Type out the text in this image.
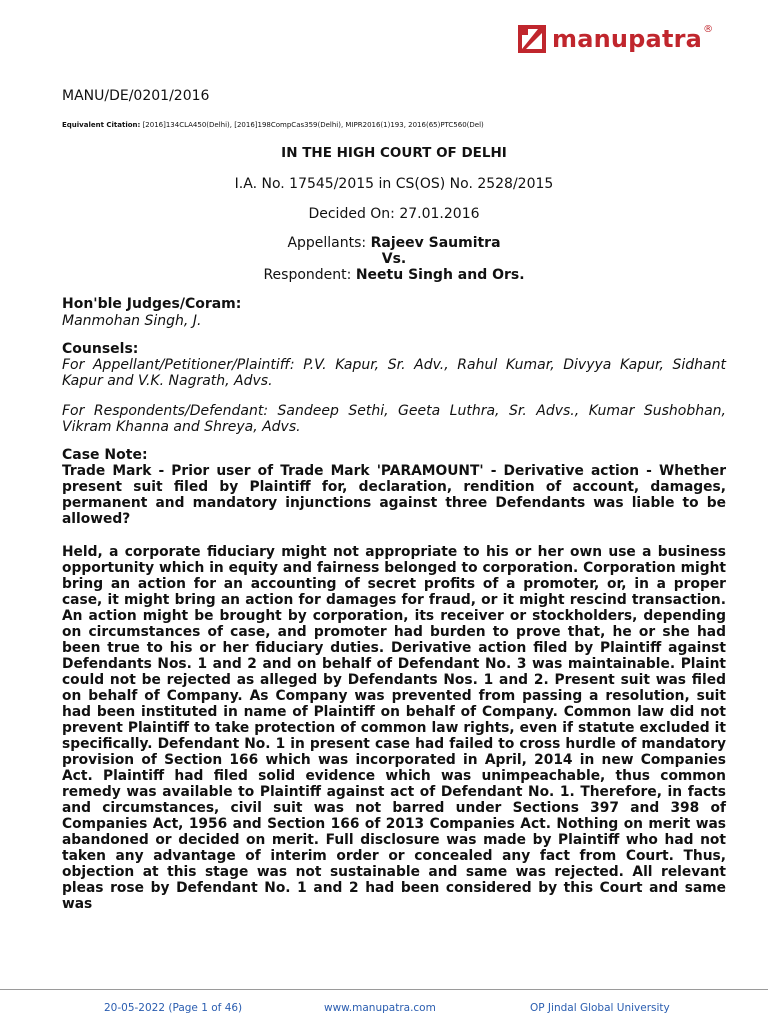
manupatra ®
MANU/DE/0201/2016
Equivalent Citation: [2016]134CLA450(Delhi), [2016]198CompCas359(Delhi), MIPR2016(1)193, 2016(65)PTC560(Del)
IN THE HIGH COURT OF DELHI
I.A. No. 17545/2015 in CS(OS) No. 2528/2015
Decided On: 27.01.2016
Appellants: Rajeev Saumitra
Vs.
Respondent: Neetu Singh and Ors.
Hon'ble Judges/Coram:
Manmohan Singh, J.
Counsels:
For Appellant/Petitioner/Plaintiff: P.V. Kapur, Sr. Adv., Rahul Kumar, Divyya Kapur, Sidhant Kapur and V.K. Nagrath, Advs.
For Respondents/Defendant: Sandeep Sethi, Geeta Luthra, Sr. Advs., Kumar Sushobhan, Vikram Khanna and Shreya, Advs.
Case Note:
Trade Mark - Prior user of Trade Mark 'PARAMOUNT' - Derivative action - Whether present suit filed by Plaintiff for, declaration, rendition of account, damages, permanent and mandatory injunctions against three Defendants was liable to be allowed?
Held, a corporate fiduciary might not appropriate to his or her own use a business opportunity which in equity and fairness belonged to corporation. Corporation might bring an action for an accounting of secret profits of a promoter, or, in a proper case, it might bring an action for damages for fraud, or it might rescind transaction. An action might be brought by corporation, its receiver or stockholders, depending on circumstances of case, and promoter had burden to prove that, he or she had been true to his or her fiduciary duties. Derivative action filed by Plaintiff against Defendants Nos. 1 and 2 and on behalf of Defendant No. 3 was maintainable. Plaint could not be rejected as alleged by Defendants Nos. 1 and 2. Present suit was filed on behalf of Company. As Company was prevented from passing a resolution, suit had been instituted in name of Plaintiff on behalf of Company. Common law did not prevent Plaintiff to take protection of common law rights, even if statute excluded it specifically. Defendant No. 1 in present case had failed to cross hurdle of mandatory provision of Section 166 which was incorporated in April, 2014 in new Companies Act. Plaintiff had filed solid evidence which was unimpeachable, thus common remedy was available to Plaintiff against act of Defendant No. 1. Therefore, in facts and circumstances, civil suit was not barred under Sections 397 and 398 of Companies Act, 1956 and Section 166 of 2013 Companies Act. Nothing on merit was abandoned or decided on merit. Full disclosure was made by Plaintiff who had not taken any advantage of interim order or concealed any fact from Court. Thus, objection at this stage was not sustainable and same was rejected. All relevant pleas rose by Defendant No. 1 and 2 had been considered by this Court and same was
20-05-2022 (Page 1 of 46)	www.manupatra.com	OP Jindal Global University
